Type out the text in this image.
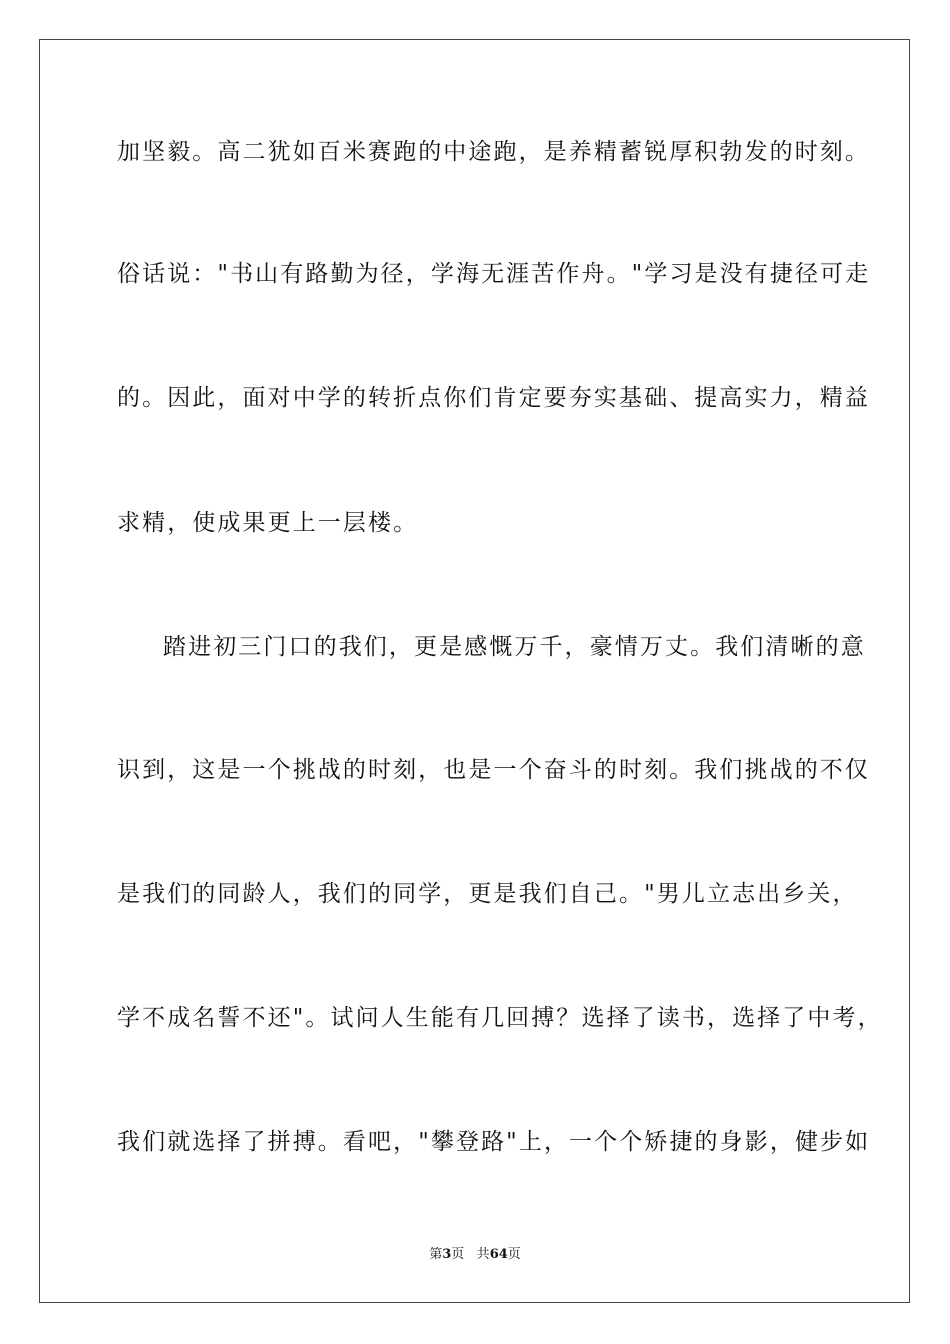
加坚毅。高二犹如百米赛跑的中途跑，是养精蓄锐厚积勃发的时刻。
俗话说："书山有路勤为径，学海无涯苦作舟。"学习是没有捷径可走
的。因此，面对中学的转折点你们肯定要夯实基础、提高实力，精益
求精，使成果更上一层楼。
踏进初三门口的我们，更是感慨万千，豪情万丈。我们清晰的意
识到，这是一个挑战的时刻，也是一个奋斗的时刻。我们挑战的不仅
是我们的同龄人，我们的同学，更是我们自己。"男儿立志出乡关，
学不成名誓不还"。试问人生能有几回搏？选择了读书，选择了中考，
我们就选择了拼搏。看吧，"攀登路"上，一个个矫捷的身影，健步如
第3页 共64页
